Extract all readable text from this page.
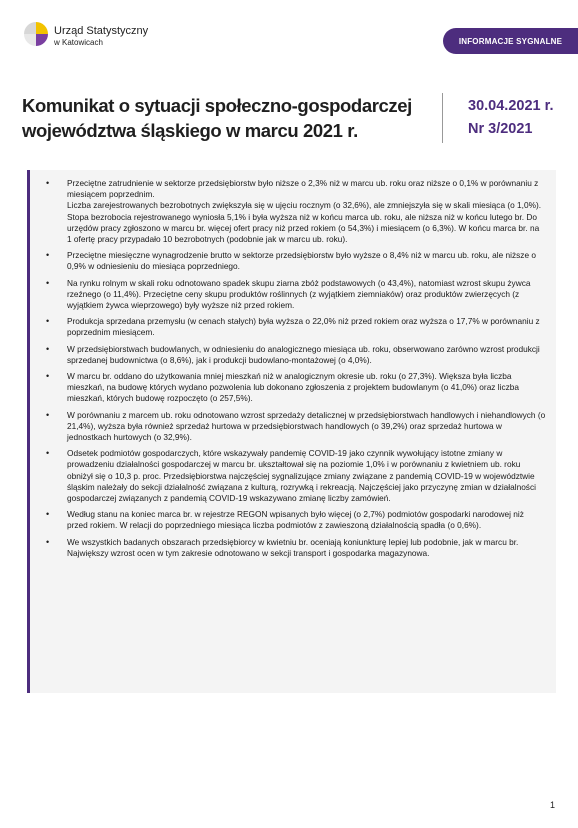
Urząd Statystyczny
w Katowicach	INFORMACJE SYGNALNE
Komunikat o sytuacji społeczno-gospodarczej
województwa śląskiego w marcu 2021 r.
30.04.2021 r.
Nr 3/2021
• Przeciętne zatrudnienie w sektorze przedsiębiorstw było niższe o 2,3% niż w marcu ub. roku oraz niższe o 0,1% w porównaniu z miesiącem poprzednim.

Liczba zarejestrowanych bezrobotnych zwiększyła się w ujęciu rocznym (o 32,6%), ale zmniejszyła się w skali miesiąca (o 1,0%). Stopa bezrobocia rejestrowanego wyniosła 5,1% i była wyższa niż w końcu marca ub. roku, ale niższa niż w końcu lutego br. Do urzędów pracy zgłoszono w marcu br. więcej ofert pracy niż przed rokiem (o 54,3%) i miesiącem (o 6,3%). W końcu marca br. na 1 ofertę pracy przypadało 10 bezrobotnych (podobnie jak w marcu ub. roku).

• Przeciętne miesięczne wynagrodzenie brutto w sektorze przedsiębiorstw było wyższe o 8,4% niż w marcu ub. roku, ale niższe o 0,9% w odniesieniu do miesiąca poprzedniego.

• Na rynku rolnym w skali roku odnotowano spadek skupu ziarna zbóż podstawowych (o 43,4%), natomiast wzrost skupu żywca rzeźnego (o 11,4%). Przeciętne ceny skupu produktów roślinnych (z wyjątkiem ziemniaków) oraz produktów zwierzęcych (z wyjątkiem żywca wieprzowego) były wyższe niż przed rokiem.

• Produkcja sprzedana przemysłu (w cenach stałych) była wyższa o 22,0% niż przed rokiem oraz wyższa o 17,7% w porównaniu z poprzednim miesiącem.

• W przedsiębiorstwach budowlanych, w odniesieniu do analogicznego miesiąca ub. roku, obserwowano zarówno wzrost produkcji sprzedanej budownictwa (o 8,6%), jak i produkcji budowlano-montażowej (o 4,0%).

• W marcu br. oddano do użytkowania mniej mieszkań niż w analogicznym okresie ub. roku (o 27,3%). Większa była liczba mieszkań, na budowę których wydano pozwolenia lub dokonano zgłoszenia z projektem budowlanym (o 41,0%) oraz liczba mieszkań, których budowę rozpoczęto (o 257,5%).

• W porównaniu z marcem ub. roku odnotowano wzrost sprzedaży detalicznej w przedsiębiorstwach handlowych i niehandlowych (o 21,4%), wyższa była również sprzedaż hurtowa w przedsiębiorstwach handlowych (o 39,2%) oraz sprzedaż hurtowa w jednostkach hurtowych (o 32,9%).

• Odsetek podmiotów gospodarczych, które wskazywały pandemię COVID-19 jako czynnik wywołujący istotne zmiany w prowadzeniu działalności gospodarczej w marcu br. ukształtował się na poziomie 1,0% i w porównaniu z kwietniem ub. roku obniżył się o 10,3 p. proc. Przedsiębiorstwa najczęściej sygnalizujące zmiany związane z pandemią COVID-19 w województwie śląskim należały do sekcji działalność związana z kulturą, rozrywką i rekreacją. Najczęściej jako przyczynę zmian w działalności gospodarczej związanych z pandemią COVID-19 wskazywano zmianę liczby zamówień.

• Według stanu na koniec marca br. w rejestrze REGON wpisanych było więcej (o 2,7%) podmiotów gospodarki narodowej niż przed rokiem. W relacji do poprzedniego miesiąca liczba podmiotów z zawieszoną działalnością spadła (o 0,6%).

• We wszystkich badanych obszarach przedsiębiorcy w kwietniu br. oceniają koniunkturę lepiej lub podobnie, jak w marcu br. Największy wzrost ocen w tym zakresie odnotowano w sekcji transport i gospodarka magazynowa.

1
